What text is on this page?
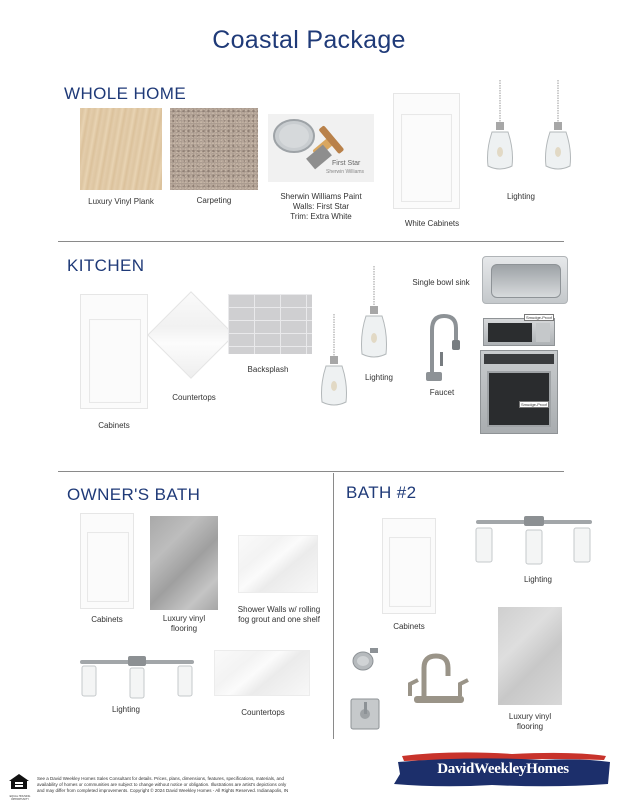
Coastal Package
WHOLE HOME
Luxury Vinyl Plank	Carpeting
First Star
Sherwin Williams
Sherwin Williams Paint
Walls: First Star
Trim: Extra White
White Cabinets
Lighting
KITCHEN
Single bowl sink
Cabinets
Countertops
Backsplash
Lighting
Faucet
Smudge-Proof
Smudge-Proof
OWNER'S BATH
Cabinets	Luxury vinyl
flooring
Shower Walls w/ rolling
fog grout and one shelf
Lighting	Countertops
BATH #2
Lighting
Cabinets
Luxury vinyl
flooring
EQUAL HOUSING OPPORTUNITY
See a David Weekley Homes Sales Consultant for details. Prices, plans, dimensions, features, specifications, materials, and
availability of homes or communities are subject to change without notice or obligation. Illustrations are artist's depictions only
and may differ from completed improvements. Copyright © 2024 David Weekley Homes - All Rights Reserved. Indianapolis, IN
DavidWeekleyHomes
